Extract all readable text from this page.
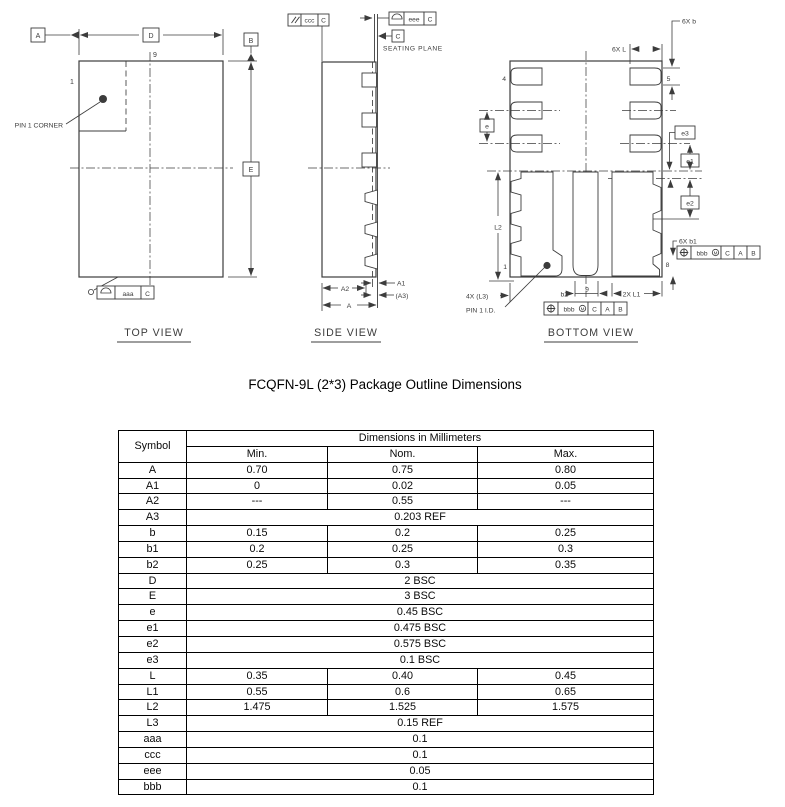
PIN 1 CORNER
1
9
D
A
B
E
aaa C
TOP VIEW
ccc C	eee C
C
SEATING PLANE
A2
A1
(A3)
A
SIDE VIEW
e
4	5
6X L
6X b
e3
e1
e2
1	8
L2
4X (L3)
PIN 1 I.D.
b2
9
2X L1
bbb M C A B
6X b1
bbb M C A B
BOTTOM VIEW
FCQFN-9L (2*3) Package Outline Dimensions
Symbol	Dimensions in Millimeters		
	Min.	Nom.	Max.
A	0.70	0.75	0.80
A1	0	0.02	0.05
A2	---	0.55	---
A3	0.203 REF		
b	0.15	0.2	0.25
b1	0.2	0.25	0.3
b2	0.25	0.3	0.35
D	2 BSC		
E	3 BSC		
e	0.45 BSC		
e1	0.475 BSC		
e2	0.575 BSC		
e3	0.1 BSC		
L	0.35	0.40	0.45
L1	0.55	0.6	0.65
L2	1.475	1.525	1.575
L3	0.15 REF		
aaa	0.1		
ccc	0.1		
eee	0.05		
bbb	0.1		
